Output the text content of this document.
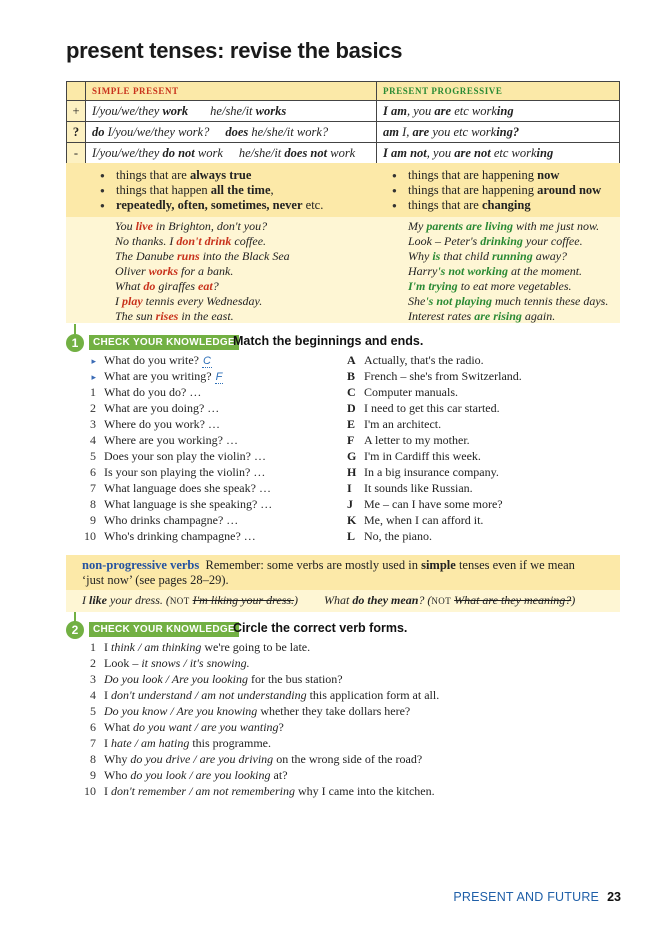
present tenses: revise the basics
	SIMPLE PRESENT	PRESENT PROGRESSIVE
+	I/you/we/they work he/she/it works	I am, you are etc working
?	do I/you/we/they work? does he/she/it work?	am I, are you etc working?
-	I/you/we/they do not work he/she/it does not work	I am not, you are not etc working
● things that are always true
● things that happen all the time,
● repeatedly, often, sometimes, never etc.
● things that are happening now
● things that are happening around now
● things that are changing
You live in Brighton, don't you?
No thanks. I don't drink coffee.
The Danube runs into the Black Sea
Oliver works for a bank.
What do giraffes eat?
I play tennis every Wednesday.
The sun rises in the east.
My parents are living with me just now.
Look – Peter's drinking your coffee.
Why is that child running away?
Harry's not working at the moment.
I'm trying to eat more vegetables.
She's not playing much tennis these days.
Interest rates are rising again.
1	CHECK YOUR KNOWLEDGE
Match the beginnings and ends.
▸ What do you write? C
▸ What are you writing? F
1 What do you do? …
2 What are you doing? …
3 Where do you work? …
4 Where are you working? …
5 Does your son play the violin? …
6 Is your son playing the violin? …
7 What language does she speak? …
8 What language is she speaking? …
9 Who drinks champagne? …
10 Who's drinking champagne? …
A Actually, that's the radio.
B French – she's from Switzerland.
C Computer manuals.
D I need to get this car started.
E I'm an architect.
F A letter to my mother.
G I'm in Cardiff this week.
H In a big insurance company.
I It sounds like Russian.
J Me – can I have some more?
K Me, when I can afford it.
L No, the piano.
non-progressive verbs Remember: some verbs are mostly used in simple tenses even if we mean
‘just now’ (see pages 28–29).
I like your dress. (NOT I'm liking your dress.) What do they mean? (NOT What are they meaning?)
2	CHECK YOUR KNOWLEDGE
Circle the correct verb forms.
1 I think / am thinking we're going to be late.
2 Look – it snows / it's snowing.
3 Do you look / Are you looking for the bus station?
4 I don't understand / am not understanding this application form at all.
5 Do you know / Are you knowing whether they take dollars here?
6 What do you want / are you wanting?
7 I hate / am hating this programme.
8 Why do you drive / are you driving on the wrong side of the road?
9 Who do you look / are you looking at?
10 I don't remember / am not remembering why I came into the kitchen.
PRESENT AND FUTURE 23
